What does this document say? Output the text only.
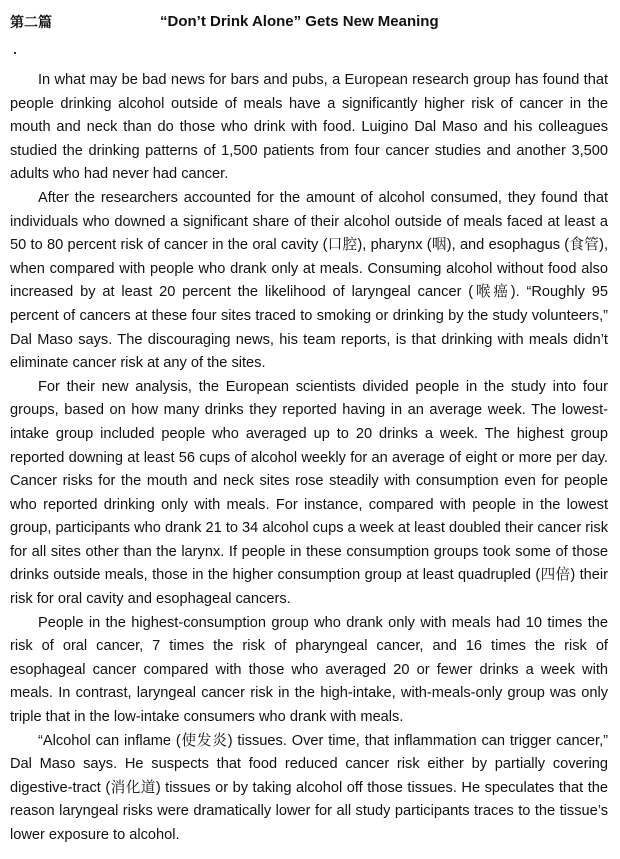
第二篇	“Don’t Drink Alone” Gets New Meaning

In what may be bad news for bars and pubs, a European research group has found that people drinking alcohol outside of meals have a significantly higher risk of cancer in the mouth and neck than do those who drink with food. Luigino Dal Maso and his colleagues studied the drinking patterns of 1,500 patients from four cancer studies and another 3,500 adults who had never had cancer.

After the researchers accounted for the amount of alcohol consumed, they found that individuals who downed a significant share of their alcohol outside of meals faced at least a 50 to 80 percent risk of cancer in the oral cavity (口腔), pharynx (咽), and esophagus (食管), when compared with people who drank only at meals. Consuming alcohol without food also increased by at least 20 percent the likelihood of laryngeal cancer (喉癌). “Roughly 95 percent of cancers at these four sites traced to smoking or drinking by the study volunteers,” Dal Maso says. The discouraging news, his team reports, is that drinking with meals didn’t eliminate cancer risk at any of the sites.

For their new analysis, the European scientists divided people in the study into four groups, based on how many drinks they reported having in an average week. The lowest-intake group included people who averaged up to 20 drinks a week. The highest group reported downing at least 56 cups of alcohol weekly for an average of eight or more per day. Cancer risks for the mouth and neck sites rose steadily with consumption even for people who reported drinking only with meals. For instance, compared with people in the lowest group, participants who drank 21 to 34 alcohol cups a week at least doubled their cancer risk for all sites other than the larynx. If people in these consumption groups took some of those drinks outside meals, those in the higher consumption group at least quadrupled (四倍) their risk for oral cavity and esophageal cancers.

People in the highest-consumption group who drank only with meals had 10 times the risk of oral cancer, 7 times the risk of pharyngeal cancer, and 16 times the risk of esophageal cancer compared with those who averaged 20 or fewer drinks a week with meals. In contrast, laryngeal cancer risk in the high-intake, with-meals-only group was only triple that in the low-intake consumers who drank with meals.

“Alcohol can inflame (使发炎) tissues. Over time, that inflammation can trigger cancer,” Dal Maso says. He suspects that food reduced cancer risk either by partially covering digestive-tract (消化道) tissues or by taking alcohol off those tissues. He speculates that the reason laryngeal risks were dramatically lower for all study participants traces to the tissue’s lower exposure to alcohol.
